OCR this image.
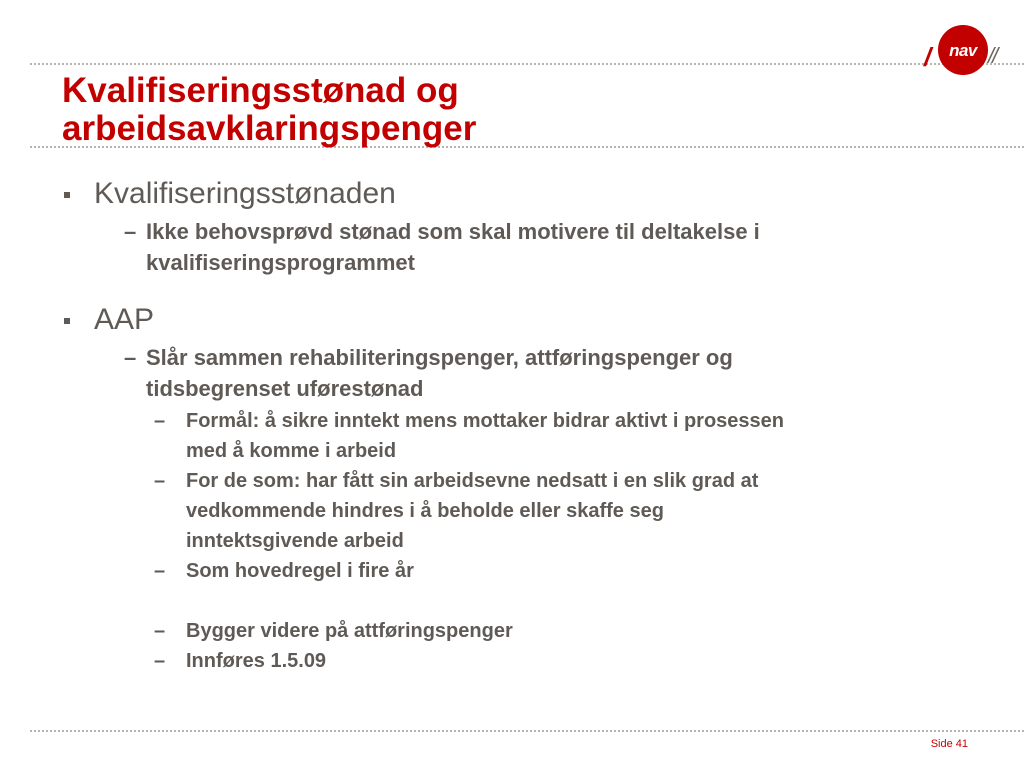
/ nav //
Kvalifiseringsstønad og
arbeidsavklaringspenger
Kvalifiseringsstønaden
– Ikke behovsprøvd stønad som skal motivere til deltakelse i
kvalifiseringsprogrammet
AAP
– Slår sammen rehabiliteringspenger, attføringspenger og
tidsbegrenset uførestønad
– Formål: å sikre inntekt mens mottaker bidrar aktivt i prosessen
med å komme i arbeid
– For de som: har fått sin arbeidsevne nedsatt i en slik grad at
vedkommende hindres i å beholde eller skaffe seg
inntektsgivende arbeid
– Som hovedregel i fire år
– Bygger videre på attføringspenger
– Innføres 1.5.09
Side 41
